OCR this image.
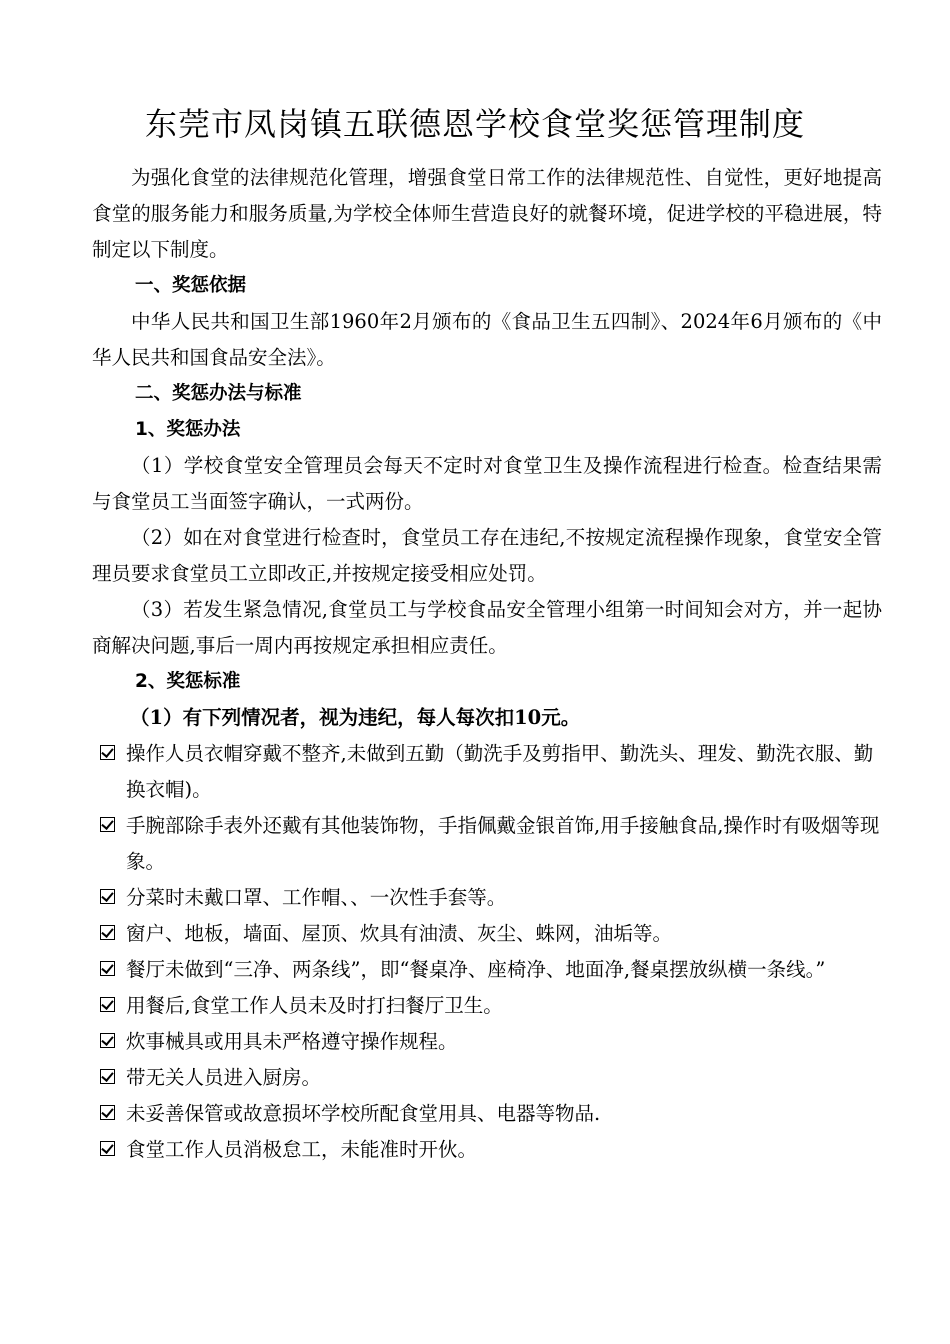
东莞市凤岗镇五联德恩学校食堂奖惩管理制度

为强化食堂的法律规范化管理，增强食堂日常工作的法律规范性、自觉性，更好地提高食堂的服务能力和服务质量,为学校全体师生营造良好的就餐环境，促进学校的平稳进展，特制定以下制度。

一、奖惩依据

中华人民共和国卫生部1960年2月颁布的《食品卫生五四制》、2024年6月颁布的《中华人民共和国食品安全法》。

二、奖惩办法与标准

1、奖惩办法

（1）学校食堂安全管理员会每天不定时对食堂卫生及操作流程进行检查。检查结果需与食堂员工当面签字确认，一式两份。

（2）如在对食堂进行检查时，食堂员工存在违纪,不按规定流程操作现象，食堂安全管理员要求食堂员工立即改正,并按规定接受相应处罚。

（3）若发生紧急情况,食堂员工与学校食品安全管理小组第一时间知会对方，并一起协商解决问题,事后一周内再按规定承担相应责任。

2、奖惩标准

（1）有下列情况者，视为违纪，每人每次扣10元。

操作人员衣帽穿戴不整齐,未做到五勤（勤洗手及剪指甲、勤洗头、理发、勤洗衣服、勤换衣帽)。
手腕部除手表外还戴有其他装饰物，手指佩戴金银首饰,用手接触食品,操作时有吸烟等现象。
分菜时未戴口罩、工作帽、、一次性手套等。
窗户、地板，墙面、屋顶、炊具有油渍、灰尘、蛛网，油垢等。
餐厅未做到“三净、两条线”，即“餐桌净、座椅净、地面净,餐桌摆放纵横一条线。”
用餐后,食堂工作人员未及时打扫餐厅卫生。
炊事械具或用具未严格遵守操作规程。
带无关人员进入厨房。
未妥善保管或故意损坏学校所配食堂用具、电器等物品.
食堂工作人员消极怠工，未能准时开伙。
